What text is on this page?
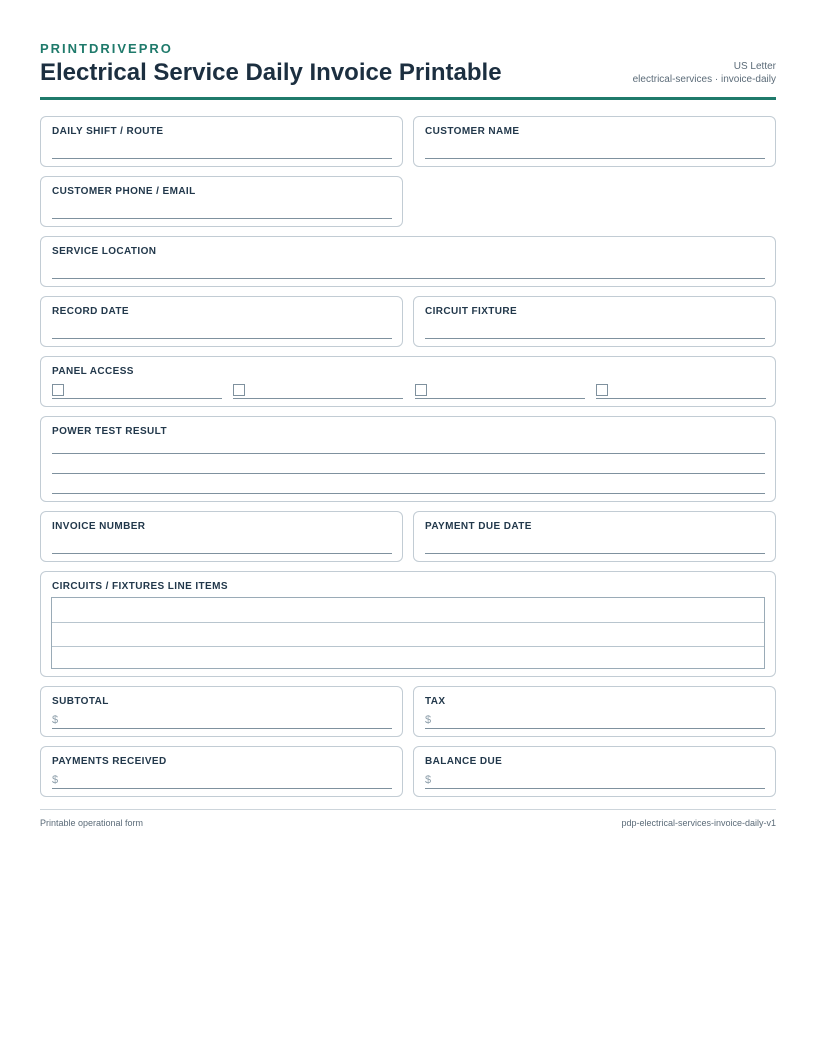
PRINTDRIVEPRO
Electrical Service Daily Invoice Printable	US Letter
electrical-services · invoice-daily
DAILY SHIFT / ROUTE	CUSTOMER NAME
CUSTOMER PHONE / EMAIL
SERVICE LOCATION
RECORD DATE	CIRCUIT FIXTURE
PANEL ACCESS
POWER TEST RESULT
INVOICE NUMBER	PAYMENT DUE DATE
CIRCUITS / FIXTURES LINE ITEMS
SUBTOTAL
$
TAX
$
PAYMENTS RECEIVED
$
BALANCE DUE
$
Printable operational form	pdp-electrical-services-invoice-daily-v1
